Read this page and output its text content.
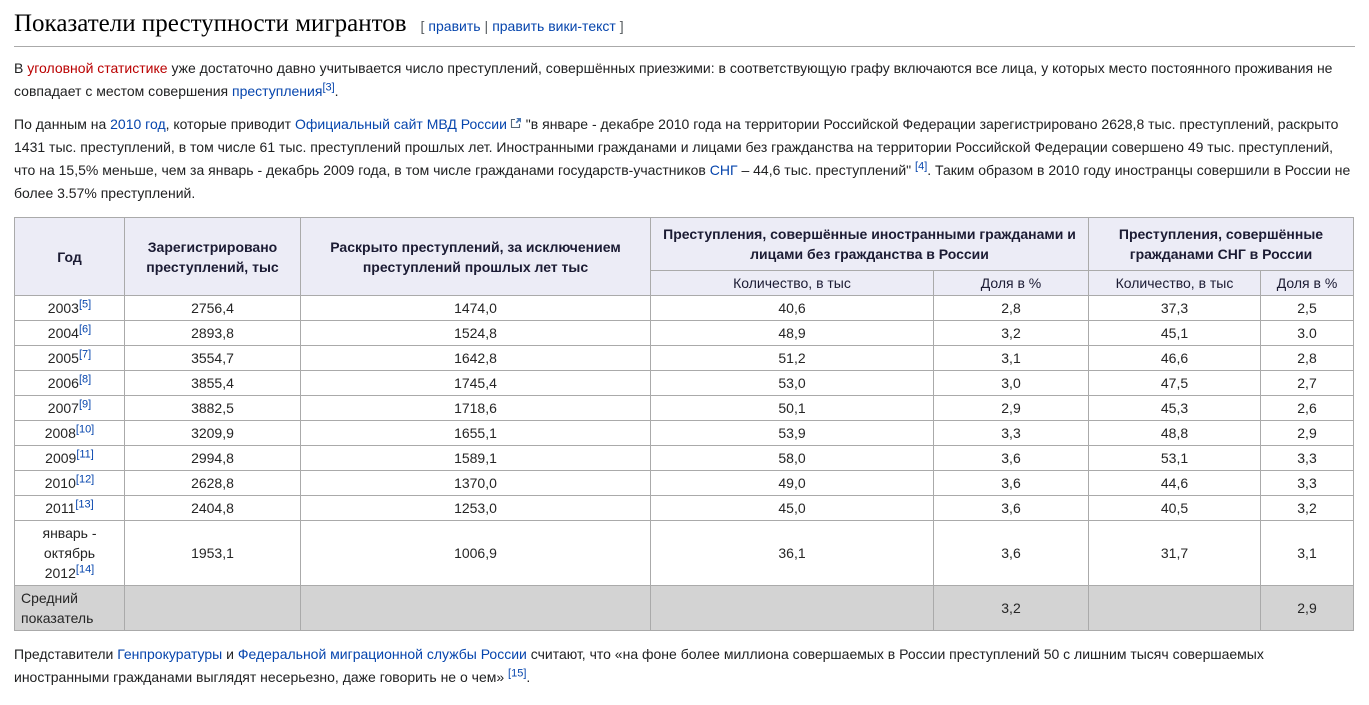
Показатели преступности мигрантов [ править | править вики-текст ]

В уголовной статистике уже достаточно давно учитывается число преступлений, совершённых приезжими: в соответствующую графу включаются все лица, у которых место постоянного проживания не совпадает с местом совершения преступления[3].

По данным на 2010 год, которые приводит Официальный сайт МВД России "в январе - декабре 2010 года на территории Российской Федерации зарегистрировано 2628,8 тыс. преступлений, раскрыто 1431 тыс. преступлений, в том числе 61 тыс. преступлений прошлых лет. Иностранными гражданами и лицами без гражданства на территории Российской Федерации совершено 49 тыс. преступлений, что на 15,5% меньше, чем за январь - декабрь 2009 года, в том числе гражданами государств-участников СНГ – 44,6 тыс. преступлений" [4]. Таким образом в 2010 году иностранцы совершили в России не более 3.57% преступлений.

Год	Зарегистрировано преступлений, тыс	Раскрыто преступлений, за исключением преступлений прошлых лет тыс	Преступления, совершённые иностранными гражданами и лицами без гражданства в России		Преступления, совершённые гражданами СНГ в России	
			Количество, в тыс	Доля в %	Количество, в тыс	Доля в %
2003[5]	2756,4	1474,0	40,6	2,8	37,3	2,5
2004[6]	2893,8	1524,8	48,9	3,2	45,1	3.0
2005[7]	3554,7	1642,8	51,2	3,1	46,6	2,8
2006[8]	3855,4	1745,4	53,0	3,0	47,5	2,7
2007[9]	3882,5	1718,6	50,1	2,9	45,3	2,6
2008[10]	3209,9	1655,1	53,9	3,3	48,8	2,9
2009[11]	2994,8	1589,1	58,0	3,6	53,1	3,3
2010[12]	2628,8	1370,0	49,0	3,6	44,6	3,3
2011[13]	2404,8	1253,0	45,0	3,6	40,5	3,2
январь - октябрь 2012[14]	1953,1	1006,9	36,1	3,6	31,7	3,1
Средний показатель				3,2		2,9

Представители Генпрокуратуры и Федеральной миграционной службы России считают, что «на фоне более миллиона совершаемых в России преступлений 50 с лишним тысяч совершаемых иностранными гражданами выглядят несерьезно, даже говорить не о чем» [15].
